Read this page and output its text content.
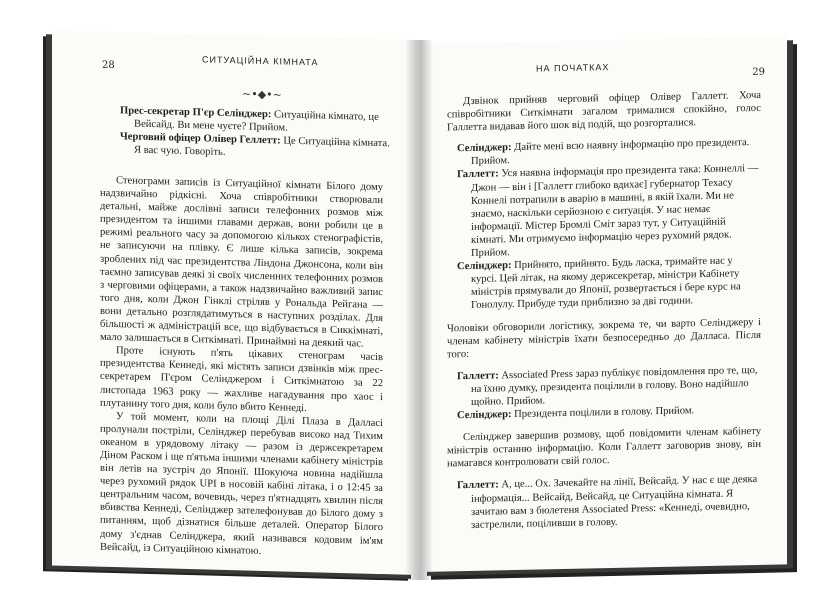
28	СИТУАЦІЙНА КІМНАТА
~•◆•~

Прес-секретар П'єр Селінджер: Ситуаційна кімнато, це Вейсайд. Ви мене чуєте? Прийом.

Черговий офіцер Олівер Геллетт: Це Ситуаційна кімната. Я вас чую. Говоріть.

Стенограми записів із Ситуаційної кімнати Білого дому надзвичайно рідкісні. Хоча співробітники створювали детальні, майже дослівні записи телефонних розмов між президентом та іншими главами держав, вони робили це в режимі реального часу за допомогою кількох стенографістів, не записуючи на плівку. Є лише кілька записів, зокрема зроблених під час президентства Ліндона Джонсона, коли він таємно записував деякі зі своїх численних телефонних розмов з черговими офіцерами, а також надзвичайно важливий запис того дня, коли Джон Гінклі стріляв у Рональда Рейгана — вони детально розглядатимуться в наступних розділах. Для більшості ж адміністрацій все, що відбувається в Сиккімнаті, мало залишається в Ситкімнаті. Принаймні на деякий час.

Проте існують п'ять цікавих стенограм часів президентства Кеннеді, які містять записи дзвінків між прес-секретарем П'єром Селінджером і Ситкімнатою за 22 листопада 1963 року — жахливе нагадування про хаос і плутанину того дня, коли було вбито Кеннеді.

У той момент, коли на площі Ділі Плаза в Далласі пролунали постріли, Селінджер перебував високо над Тихим океаном в урядовому літаку — разом із держсекретарем Діном Раском і ще п'ятьма іншими членами кабінету міністрів він летів на зустріч до Японії. Шокуюча новина надійшла через рухомий рядок UPI в носовій кабіні літака, і о 12:45 за центральним часом, вочевидь, через п'ятнадцять хвилин після вбивства Кеннеді, Селінджер зателефонував до Білого дому з питанням, щоб дізнатися більше деталей. Оператор Білого дому з'єднав Селінджера, який називався кодовим ім'ям Вейсайд, із Ситуаційною кімнатою.

НА ПОЧАТКАХ	29

Дзвінок прийняв черговий офіцер Олівер Галлетт. Хоча співробітники Ситкімнати загалом трималися спокійно, голос Галлетта видавав його шок від подій, що розгорталися.

Селінджер: Дайте мені всю наявну інформацію про президента. Прийом.

Галлетт: Уся наявна інформація про президента така: Коннеллі — Джон — він і [Галлетт глибоко вдихає] губернатор Техасу Коннелі потрапили в аварію в машині, в якій їхали. Ми не знаємо, наскільки серйозною є ситуація. У нас немає інформації. Містер Бромлі Сміт зараз тут, у Ситуаційній кімнаті. Ми отримуємо інформацію через рухомий рядок. Прийом.

Селінджер: Прийнято, прийнято. Будь ласка, тримайте нас у курсі. Цей літак, на якому держсекретар, міністри Кабінету міністрів прямували до Японії, розвертається і бере курс на Гонолулу. Прибуде туди приблизно за дві години.

Чоловіки обговорили логістику, зокрема те, чи варто Селінджеру і членам кабінету міністрів їхати безпосередньо до Далласа. Після того:

Галлетт: Associated Press зараз публікує повідомлення про те, що, на їхню думку, президента поцілили в голову. Воно надійшло щойно. Прийом.

Селінджер: Президента поцілили в голову. Прийом.

Селінджер завершив розмову, щоб повідомити членам кабінету міністрів останню інформацію. Коли Галлетт заговорив знову, він намагався контролювати свій голос.

Галлетт: А, це... Ох. Зачекайте на лінії, Вейсайд. У нас є ще деяка інформація... Вейсайд, Вейсайд, це Ситуаційна кімната. Я зачитаю вам з бюлетеня Associated Press: «Кеннеді, очевидно, застрелили, поціливши в голову.
